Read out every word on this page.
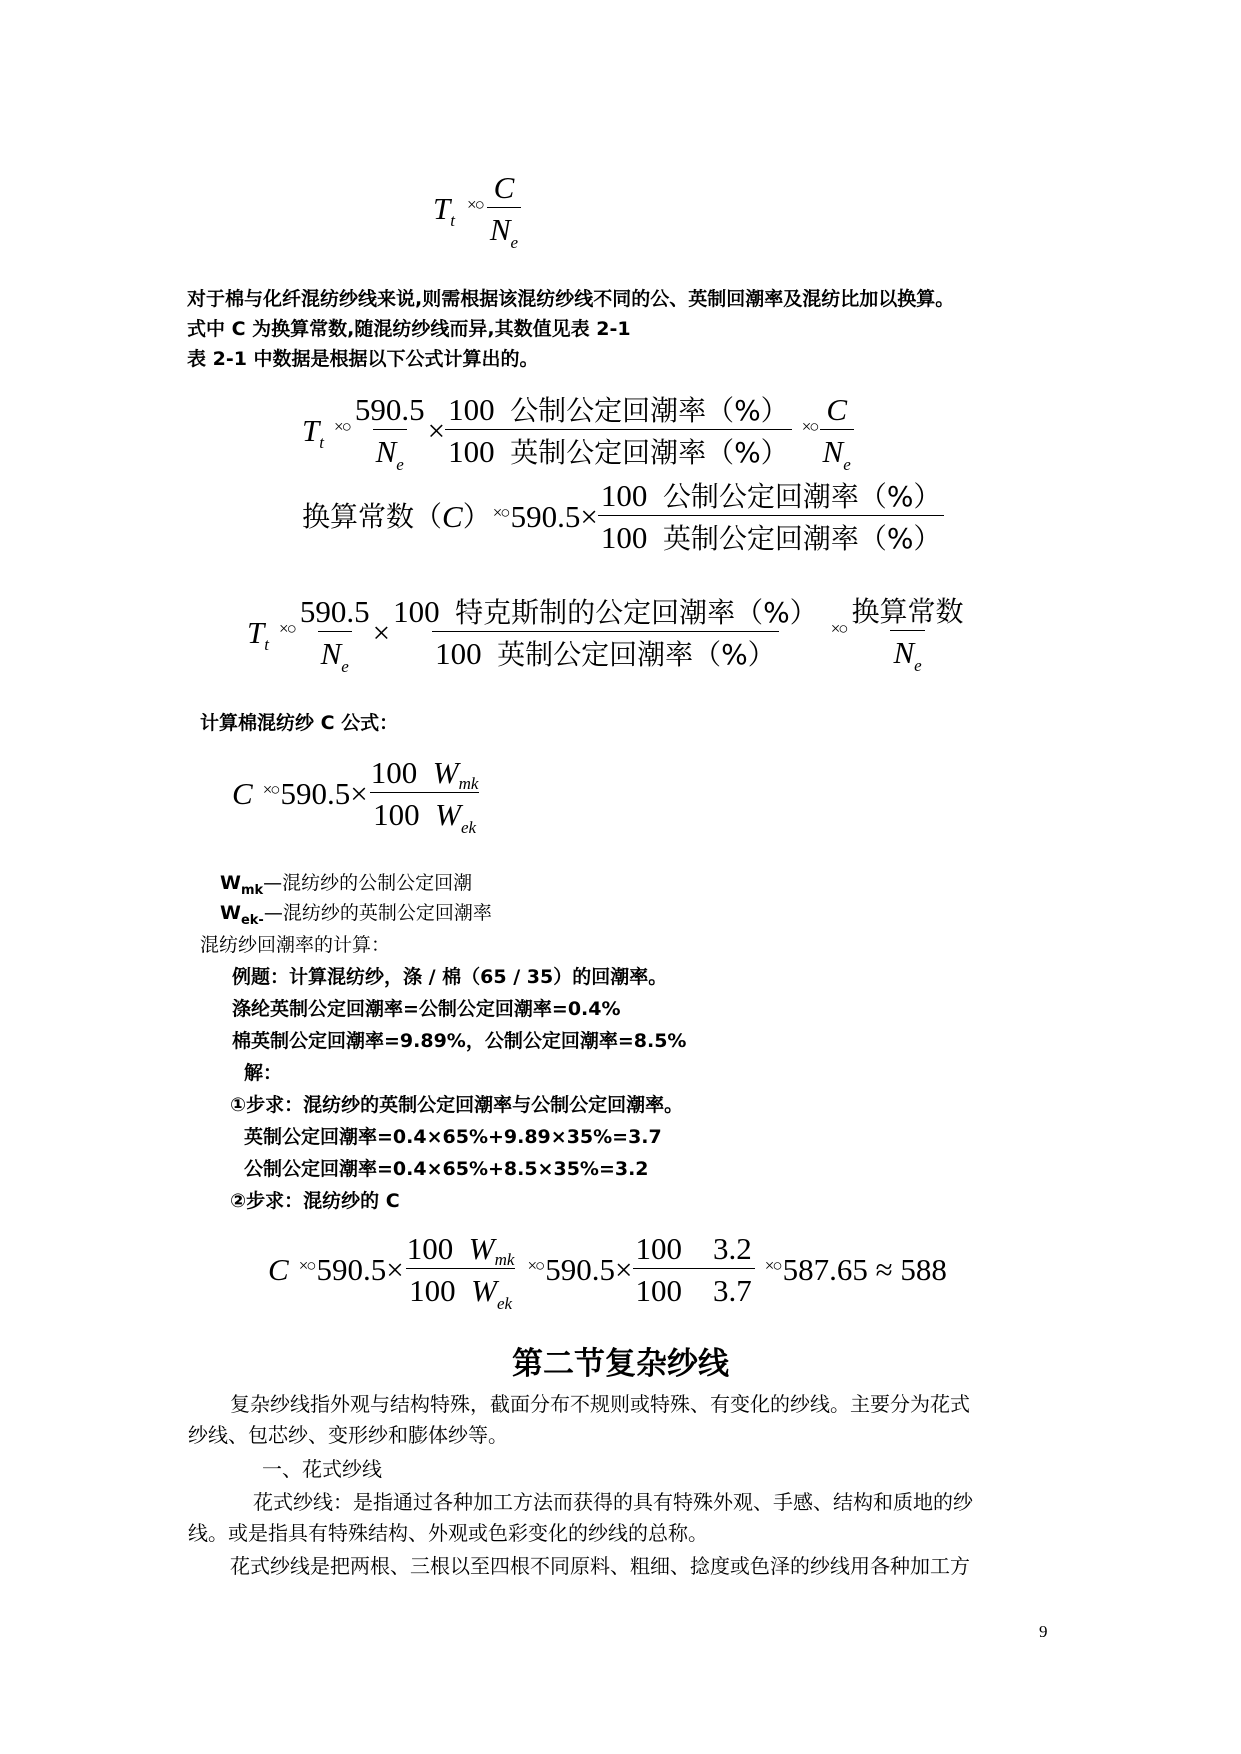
T t
×○ $\frac{C}{N_e}$
对于棉与化纤混纺纱线来说,则需根据该混纺纱线不同的公、英制回潮率及混纺比加以换算。
式中 C 为换算常数,随混纺纱线而异,其数值见表 2-1
表 2-1 中数据是根据以下公式计算出的。
T t
×○ $\frac{590.5}{N_e} \times \frac{\text{100 公制公定回潮率（\%）}}{\text{100 英制公定回潮率（\%）}}$ ×○ $\frac{C}{N_e}$
换算常数（ C ） ×○ $590.5 \times \frac{\text{100 公制公定回潮率（\%）}}{\text{100 英制公定回潮率（\%）}}$
T t
×○ $\frac{590.5}{N_e} \times \frac{\text{100 特克斯制的公定回潮率（\%）}}{\text{100 英制公定回潮率（\%）}}$ ×○ $\frac{\text{换算常数}}{N_e}$
计算棉混纺纱 C 公式：
C ×○ $590.5 \times \frac{\text{100 Wmk}}{100 W_{ek}}$
$W_{mk}—$混纺纱的公制公定回潮
$W_{ek-}—$混纺纱的英制公定回潮率
混纺纱回潮率的计算：
例题：计算混纺纱，涤 / 棉（65 / 35）的回潮率。
涤纶英制公定回潮率=公制公定回潮率=0.4%
棉英制公定回潮率=9.89%，公制公定回潮率=8.5%
解：
①步求：混纺纱的英制公定回潮率与公制公定回潮率。
英制公定回潮率=0.4×65%+9.89×35%=3.7
公制公定回潮率=0.4×65%+8.5×35%=3.2
②步求：混纺纱的 C
C ×○ $590.5 \times \frac{\text{100 Wmk}}{100 W_{ek}}$ ×○ $590.5 \times \frac{100 3.2}{100 3.7}$ ×○ 587.65 ≈ 588
第二节复杂纱线
复杂纱线指外观与结构特殊，截面分布不规则或特殊、有变化的纱线。主要分为花式
纱线、包芯纱、变形纱和膨体纱等。
一、花式纱线
花式纱线：是指通过各种加工方法而获得的具有特殊外观、手感、结构和质地的纱
线。或是指具有特殊结构、外观或色彩变化的纱线的总称。
花式纱线是把两根、三根以至四根不同原料、粗细、捻度或色泽的纱线用各种加工方
9
